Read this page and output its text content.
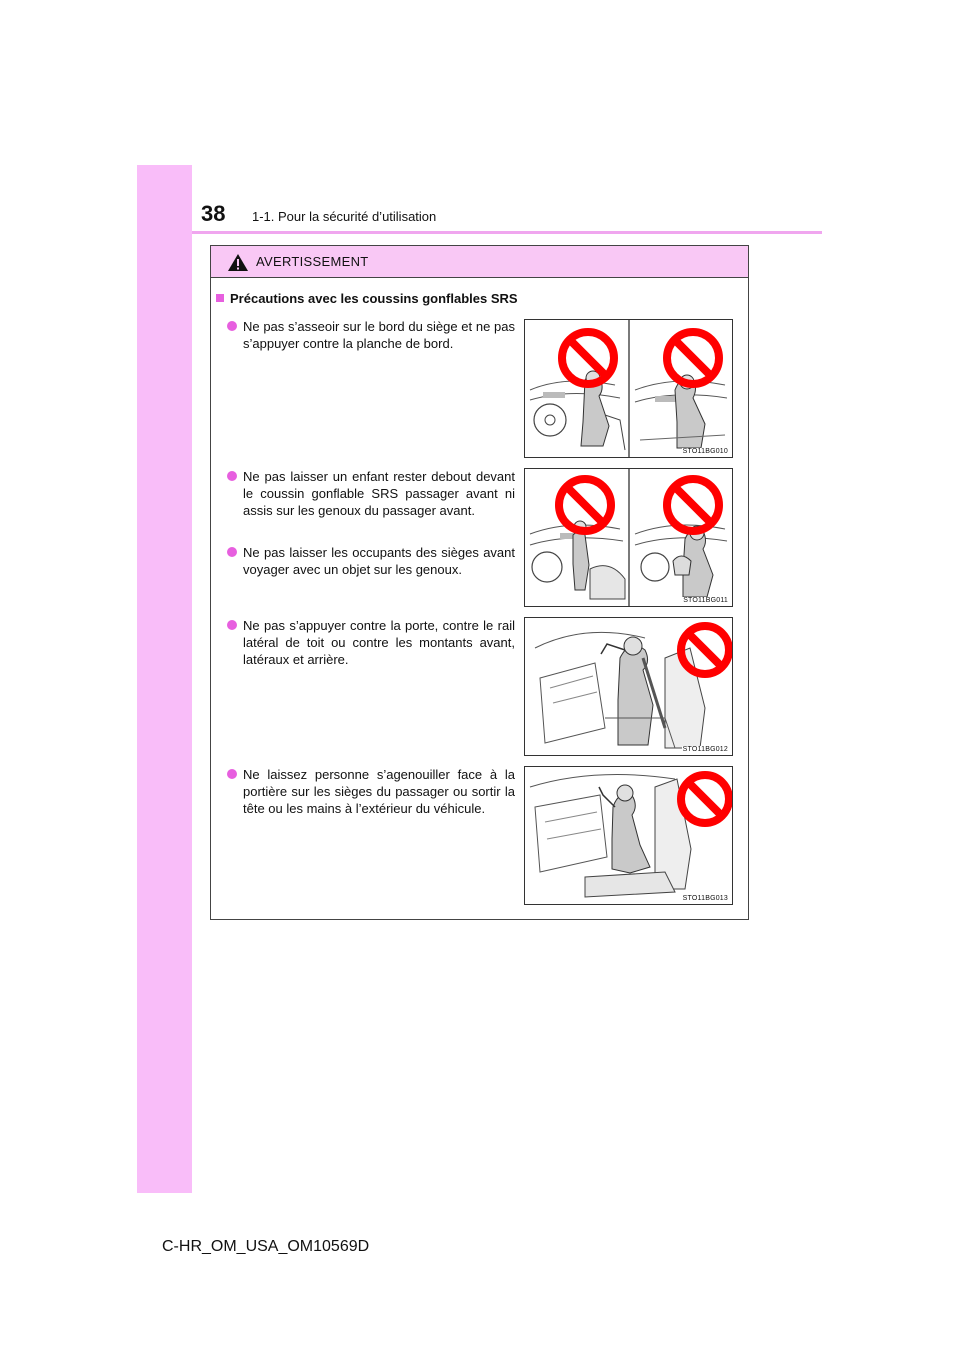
38 1-1. Pour la sécurité d’utilisation
AVERTISSEMENT
Précautions avec les coussins gonflables SRS
Ne pas s’asseoir sur le bord du siège et ne pas s’appuyer contre la planche de bord.
Ne pas laisser un enfant rester debout devant le coussin gonflable SRS passager avant ni assis sur les genoux du passager avant.
Ne pas laisser les occupants des sièges avant voyager avec un objet sur les genoux.
Ne pas s’appuyer contre la porte, contre le rail latéral de toit ou contre les montants avant, latéraux et arrière.
Ne laissez personne s’agenouiller face à la portière sur les sièges du passager ou sortir la tête ou les mains à l’extérieur du véhicule.
STO11BG010
STO11BG011
STO11BG012
STO11BG013
C-HR_OM_USA_OM10569D
